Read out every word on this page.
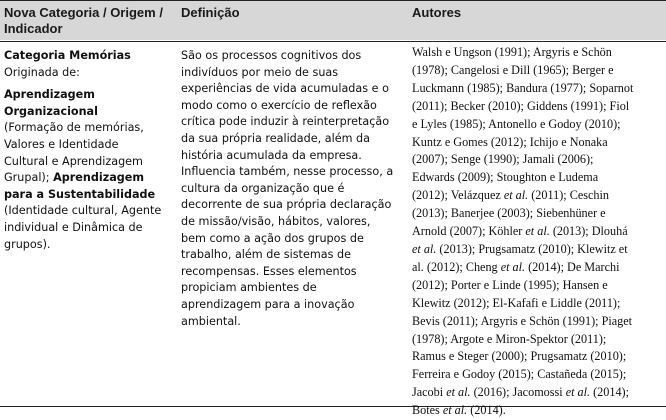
Nova Categoria / Origem /
Indicador
Definição	Autores
Categoria Memórias
Originada de:
Aprendizagem
Organizacional
(Formação de memórias,
Valores e Identidade
Cultural e Aprendizagem
Grupal); Aprendizagem
para a Sustentabilidade
(Identidade cultural, Agente
individual e Dinâmica de
grupos).
São os processos cognitivos dos
indivíduos por meio de suas
experiências de vida acumuladas e o
modo como o exercício de reflexão
crítica pode induzir à reinterpretação
da sua própria realidade, além da
história acumulada da empresa.
Influencia também, nesse processo, a
cultura da organização que é
decorrente de sua própria declaração
de missão/visão, hábitos, valores,
bem como a ação dos grupos de
trabalho, além de sistemas de
recompensas. Esses elementos
propiciam ambientes de
aprendizagem para a inovação
ambiental.
Walsh e Ungson (1991); Argyris e Schön
(1978); Cangelosi e Dill (1965); Berger e
Luckmann (1985); Bandura (1977); Soparnot
(2011); Becker (2010); Giddens (1991); Fiol
e Lyles (1985); Antonello e Godoy (2010);
Kuntz e Gomes (2012); Ichijo e Nonaka
(2007); Senge (1990); Jamali (2006);
Edwards (2009); Stoughton e Ludema
(2012); Velázquez et al. (2011); Ceschin
(2013); Banerjee (2003); Siebenhüner e
Arnold (2007); Köhler et al. (2013); Dlouhá
et al. (2013); Prugsamatz (2010); Klewitz et
al. (2012); Cheng et al. (2014); De Marchi
(2012); Porter e Linde (1995); Hansen e
Klewitz (2012); El-Kafafi e Liddle (2011);
Bevis (2011); Argyris e Schön (1991); Piaget
(1978); Argote e Miron-Spektor (2011);
Ramus e Steger (2000); Prugsamatz (2010);
Ferreira e Godoy (2015); Castañeda (2015);
Jacobi et al. (2016); Jacomossi et al. (2014);
Botes et al. (2014).
